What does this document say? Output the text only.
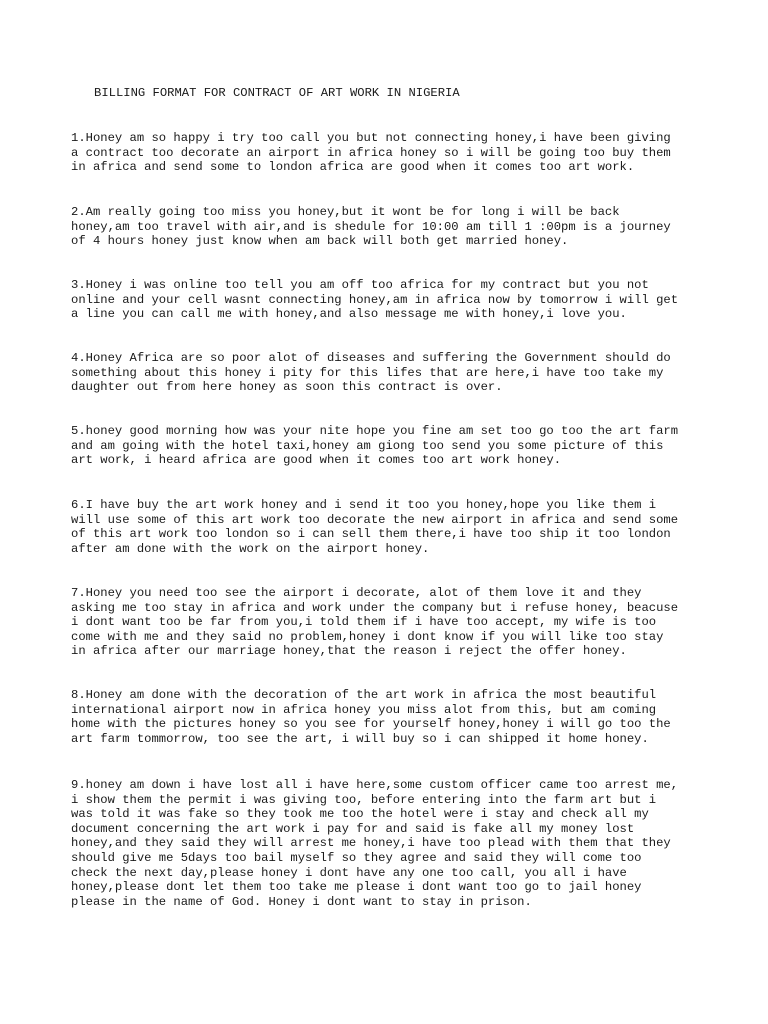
BILLING FORMAT FOR CONTRACT OF ART WORK IN NIGERIA

1.Honey am so happy i try too call you but not connecting honey,i have been giving
a contract too decorate an airport in africa honey so i will be going too buy them
in africa and send some to london africa are good when it comes too art work.

2.Am really going too miss you honey,but it wont be for long i will be back
honey,am too travel with air,and is shedule for 10:00 am till 1 :00pm is a journey
of 4 hours honey just know when am back will both get married honey.

3.Honey i was online too tell you am off too africa for my contract but you not
online and your cell wasnt connecting honey,am in africa now by tomorrow i will get
a line you can call me with honey,and also message me with honey,i love you.

4.Honey Africa are so poor alot of diseases and suffering the Government should do
something about this honey i pity for this lifes that are here,i have too take my
daughter out from here honey as soon this contract is over.

5.honey good morning how was your nite hope you fine am set too go too the art farm
and am going with the hotel taxi,honey am giong too send you some picture of this
art work, i heard africa are good when it comes too art work honey.

6.I have buy the art work honey and i send it too you honey,hope you like them i
will use some of this art work too decorate the new airport in africa and send some
of this art work too london so i can sell them there,i have too ship it too london
after am done with the work on the airport honey.

7.Honey you need too see the airport i decorate, alot of them love it and they
asking me too stay in africa and work under the company but i refuse honey, beacuse
i dont want too be far from you,i told them if i have too accept, my wife is too
come with me and they said no problem,honey i dont know if you will like too stay
in africa after our marriage honey,that the reason i reject the offer honey.

8.Honey am done with the decoration of the art work in africa the most beautiful
international airport now in africa honey you miss alot from this, but am coming
home with the pictures honey so you see for yourself honey,honey i will go too the
art farm tommorrow, too see the art, i will buy so i can shipped it home honey.

9.honey am down i have lost all i have here,some custom officer came too arrest me,
i show them the permit i was giving too, before entering into the farm art but i
was told it was fake so they took me too the hotel were i stay and check all my
document concerning the art work i pay for and said is fake all my money lost
honey,and they said they will arrest me honey,i have too plead with them that they
should give me 5days too bail myself so they agree and said they will come too
check the next day,please honey i dont have any one too call, you all i have
honey,please dont let them too take me please i dont want too go to jail honey
please in the name of God. Honey i dont want to stay in prison.
